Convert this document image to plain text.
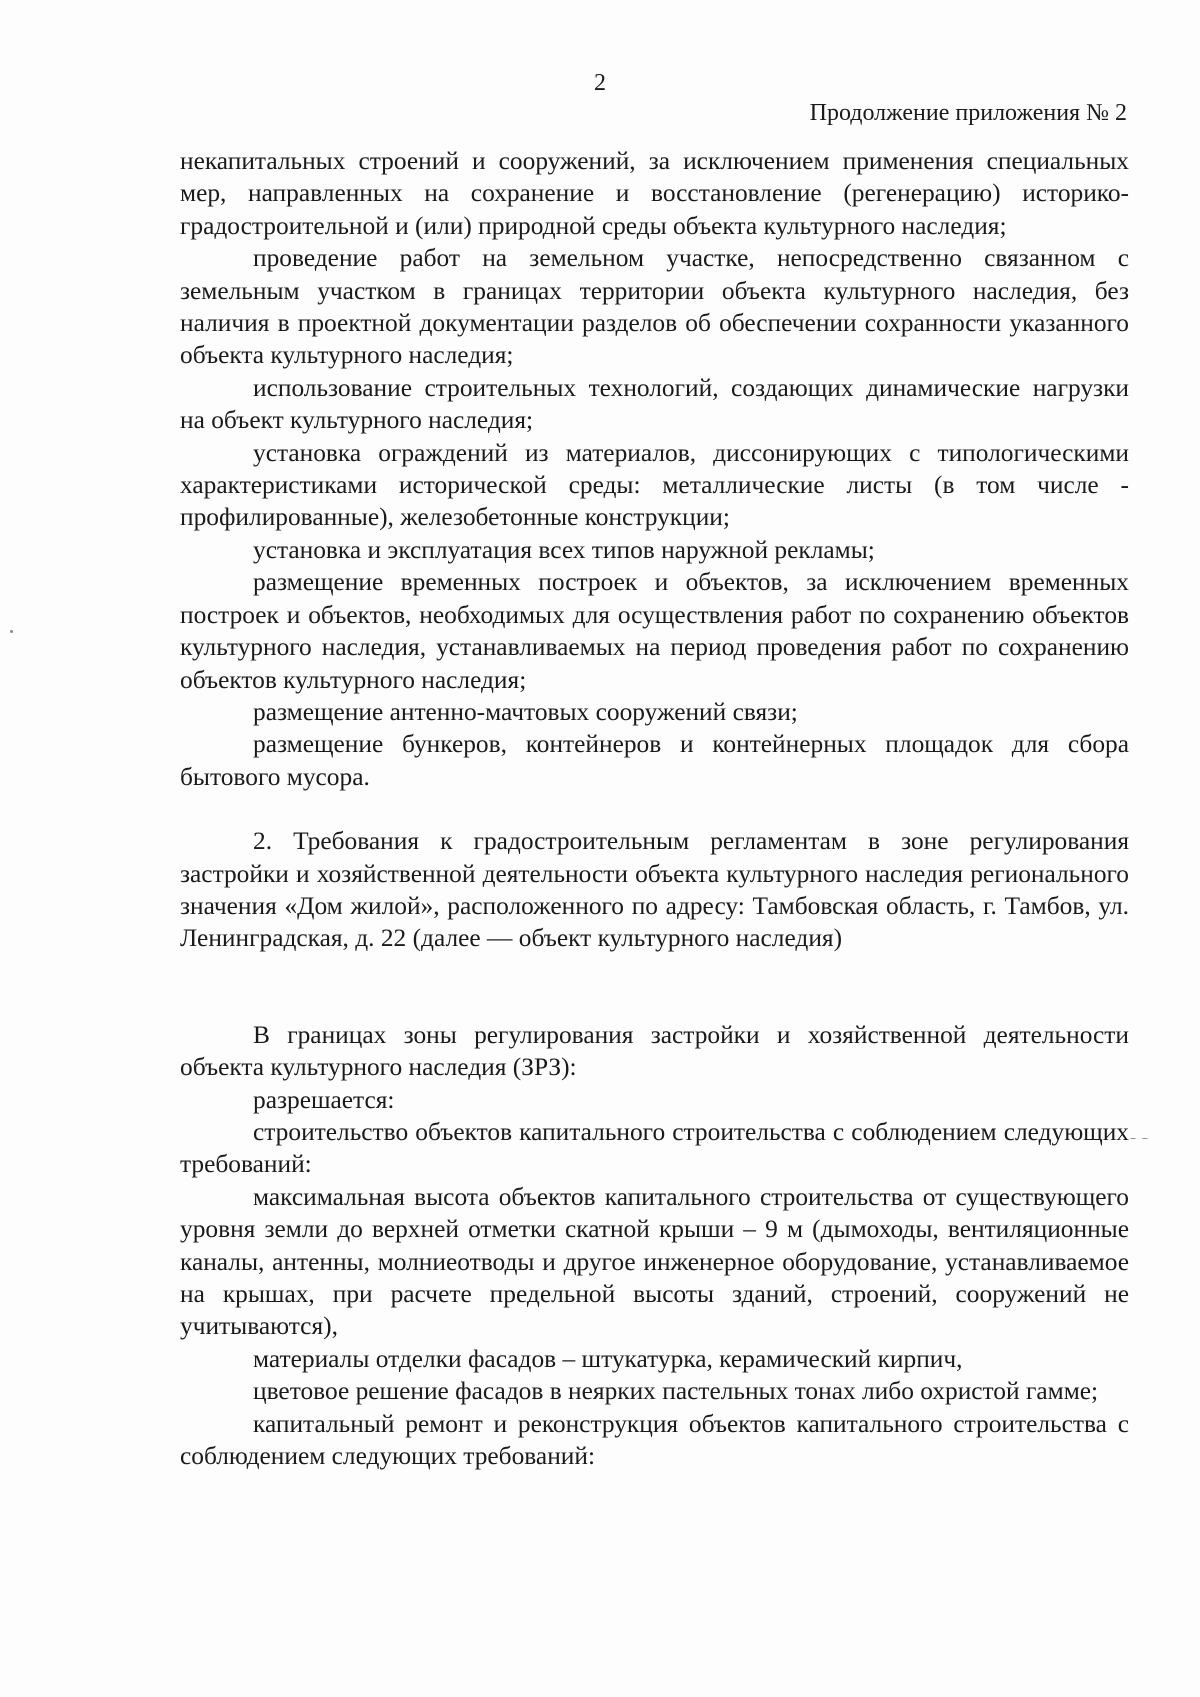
2
Продолжение приложения № 2

некапитальных строений и сооружений, за исключением применения специальных мер, направленных на сохранение и восстановление (регенерацию) историко-градостроительной и (или) природной среды объекта культурного наследия;

проведение работ на земельном участке, непосредственно связанном с земельным участком в границах территории объекта культурного наследия, без наличия в проектной документации разделов об обеспечении сохранности указанного объекта культурного наследия;

использование строительных технологий, создающих динамические нагрузки на объект культурного наследия;

установка ограждений из материалов, диссонирующих с типологическими характеристиками исторической среды: металлические листы (в том числе - профилированные), железобетонные конструкции;

установка и эксплуатация всех типов наружной рекламы;

размещение временных построек и объектов, за исключением временных построек и объектов, необходимых для осуществления работ по сохранению объектов культурного наследия, устанавливаемых на период проведения работ по сохранению объектов культурного наследия;

размещение антенно-мачтовых сооружений связи;

размещение бункеров, контейнеров и контейнерных площадок для сбора бытового мусора.

2. Требования к градостроительным регламентам в зоне регулирования застройки и хозяйственной деятельности объекта культурного наследия регионального значения «Дом жилой», расположенного по адресу: Тамбовская область, г. Тамбов, ул. Ленинградская, д. 22 (далее — объект культурного наследия)

В границах зоны регулирования застройки и хозяйственной деятельности объекта культурного наследия (ЗРЗ):

разрешается:

строительство объектов капитального строительства с соблюдением следующих требований:

максимальная высота объектов капитального строительства от существующего уровня земли до верхней отметки скатной крыши – 9 м (дымоходы, вентиляционные каналы, антенны, молниеотводы и другое инженерное оборудование, устанавливаемое на крышах, при расчете предельной высоты зданий, строений, сооружений не учитываются),

материалы отделки фасадов – штукатурка, керамический кирпич,

цветовое решение фасадов в неярких пастельных тонах либо охристой гамме;

капитальный ремонт и реконструкция объектов капитального строительства с соблюдением следующих требований:
